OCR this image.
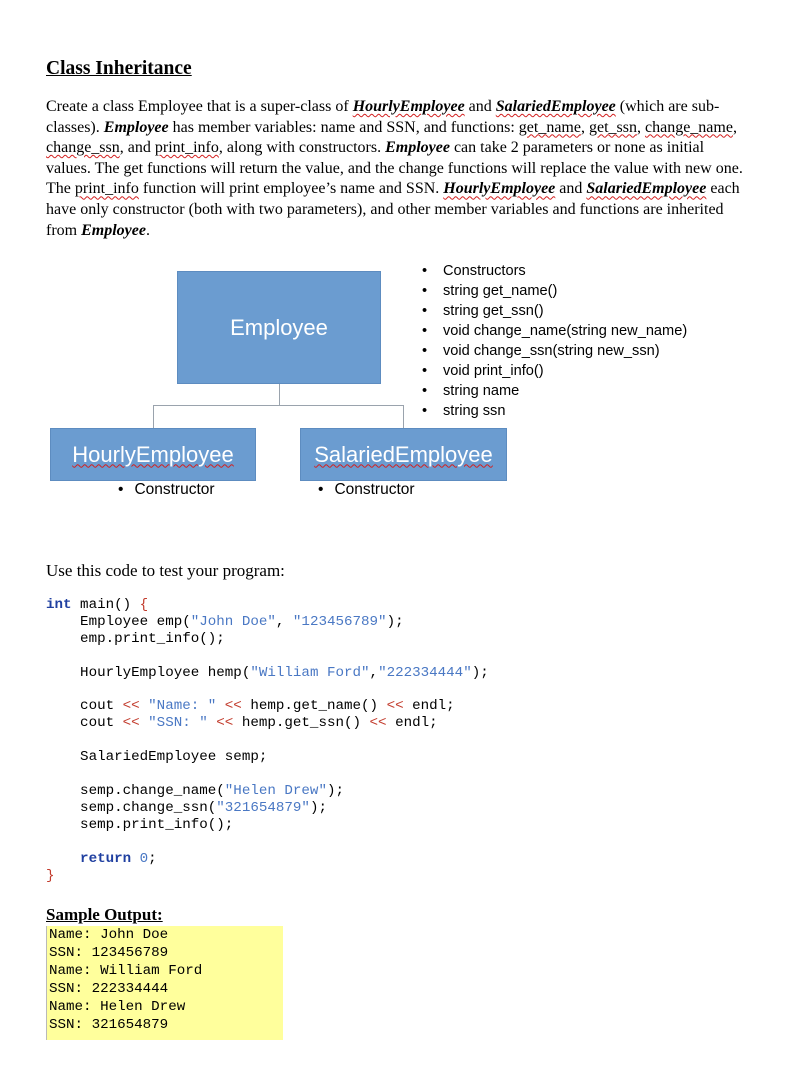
Class Inheritance
Create a class Employee that is a super-class of HourlyEmployee and SalariedEmployee (which are sub-classes). Employee has member variables: name and SSN, and functions: get_name, get_ssn, change_name, change_ssn, and print_info, along with constructors. Employee can take 2 parameters or none as initial values. The get functions will return the value, and the change functions will replace the value with new one. The print_info function will print employee’s name and SSN. HourlyEmployee and SalariedEmployee each have only constructor (both with two parameters), and other member variables and functions are inherited from Employee.
Employee
HourlyEmployee	SalariedEmployee
• Constructor
•	Constructor
• Constructors
• string get_name()
• string get_ssn()
• void change_name(string new_name)
• void change_ssn(string new_ssn)
• void print_info()
• string name
• string ssn
Use this code to test your program:
int main() {
Employee emp("John Doe", "123456789");
emp.print_info();

HourlyEmployee hemp("William Ford","222334444");

cout << "Name: " << hemp.get_name() << endl;
cout << "SSN: " << hemp.get_ssn() << endl;

SalariedEmployee semp;

semp.change_name("Helen Drew");
semp.change_ssn("321654879");
semp.print_info();

return 0;
}
Sample Output:
Name: John Doe
SSN: 123456789
Name: William Ford
SSN: 222334444
Name: Helen Drew
SSN: 321654879
